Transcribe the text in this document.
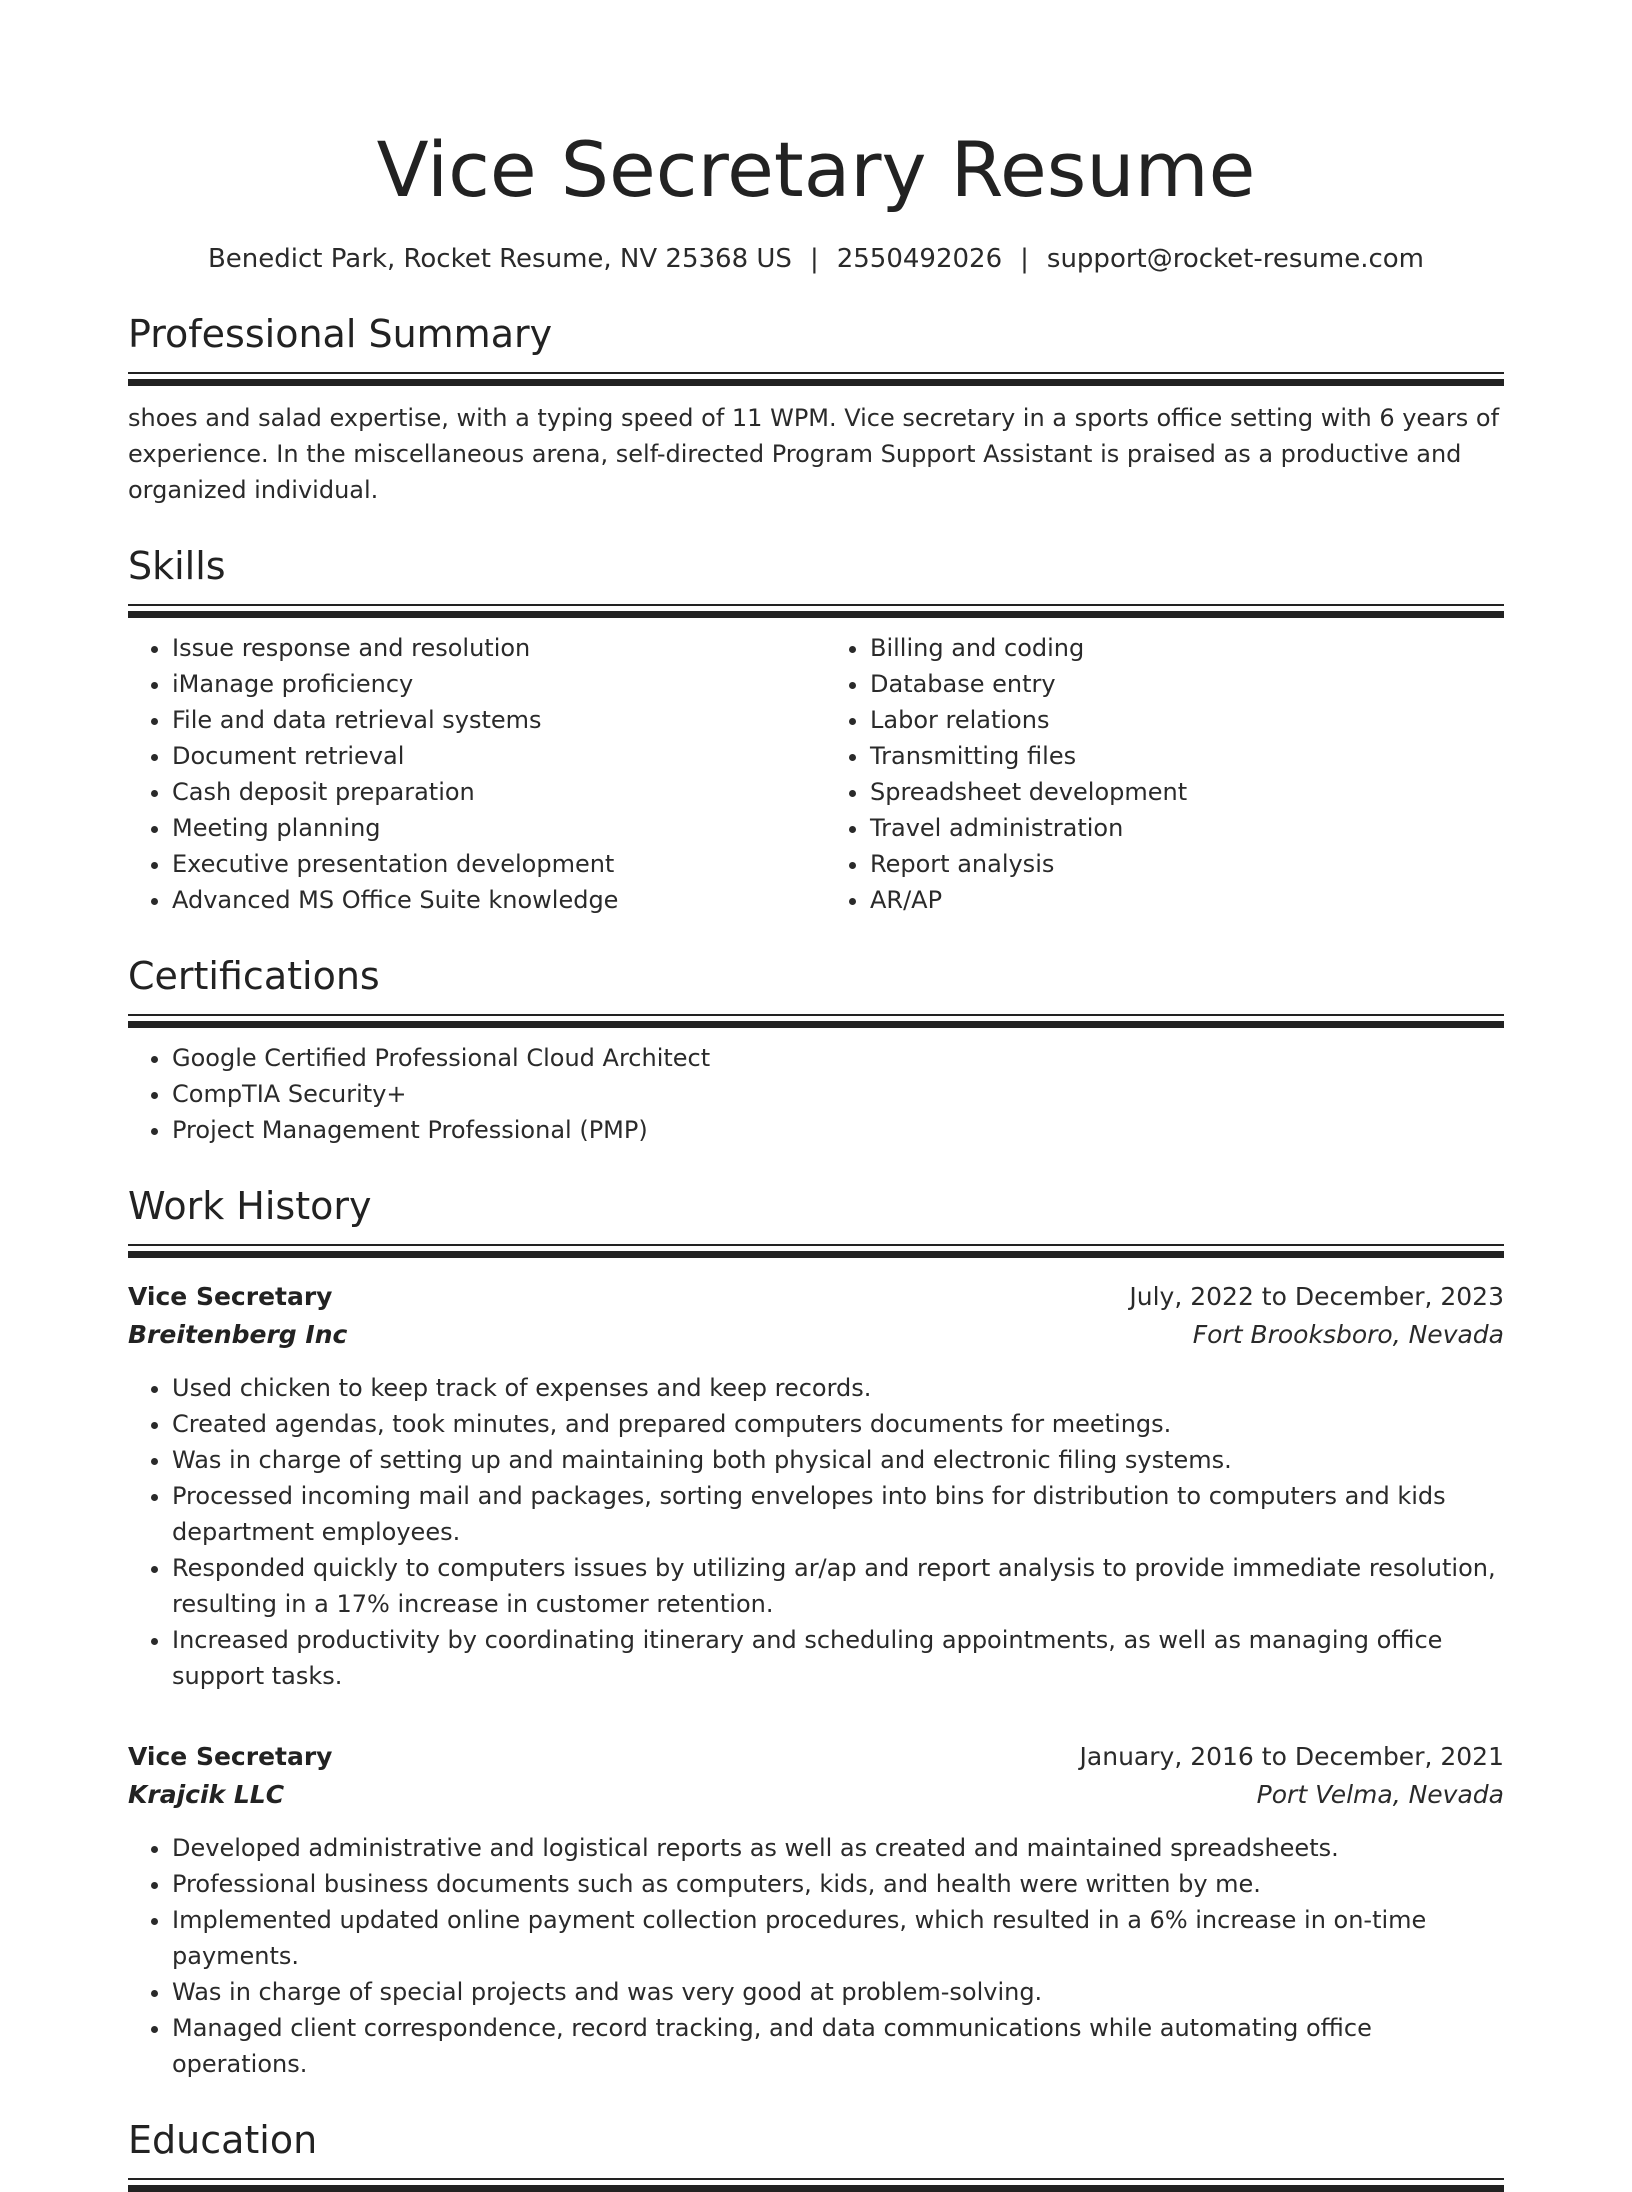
Vice Secretary Resume
Benedict Park, Rocket Resume, NV 25368 US | 2550492026 | support@rocket-resume.com
Professional Summary
shoes and salad expertise, with a typing speed of 11 WPM. Vice secretary in a sports office setting with 6 years of experience. In the miscellaneous arena, self-directed Program Support Assistant is praised as a productive and organized individual.
Skills
• Issue response and resolution
• iManage proficiency
• File and data retrieval systems
• Document retrieval
• Cash deposit preparation
• Meeting planning
• Executive presentation development
• Advanced MS Office Suite knowledge
• Billing and coding
• Database entry
• Labor relations
• Transmitting files
• Spreadsheet development
• Travel administration
• Report analysis
• AR/AP
Certifications
• Google Certified Professional Cloud Architect
• CompTIA Security+
• Project Management Professional (PMP)
Work History
Vice Secretary	July, 2022 to December, 2023
Breitenberg Inc	Fort Brooksboro, Nevada
• Used chicken to keep track of expenses and keep records.
• Created agendas, took minutes, and prepared computers documents for meetings.
• Was in charge of setting up and maintaining both physical and electronic filing systems.
• Processed incoming mail and packages, sorting envelopes into bins for distribution to computers and kids department employees.
• Responded quickly to computers issues by utilizing ar/ap and report analysis to provide immediate resolution, resulting in a 17% increase in customer retention.
• Increased productivity by coordinating itinerary and scheduling appointments, as well as managing office support tasks.
Vice Secretary	January, 2016 to December, 2021
Krajcik LLC	Port Velma, Nevada
• Developed administrative and logistical reports as well as created and maintained spreadsheets.
• Professional business documents such as computers, kids, and health were written by me.
• Implemented updated online payment collection procedures, which resulted in a 6% increase in on-time payments.
• Was in charge of special projects and was very good at problem-solving.
• Managed client correspondence, record tracking, and data communications while automating office operations.
Education
